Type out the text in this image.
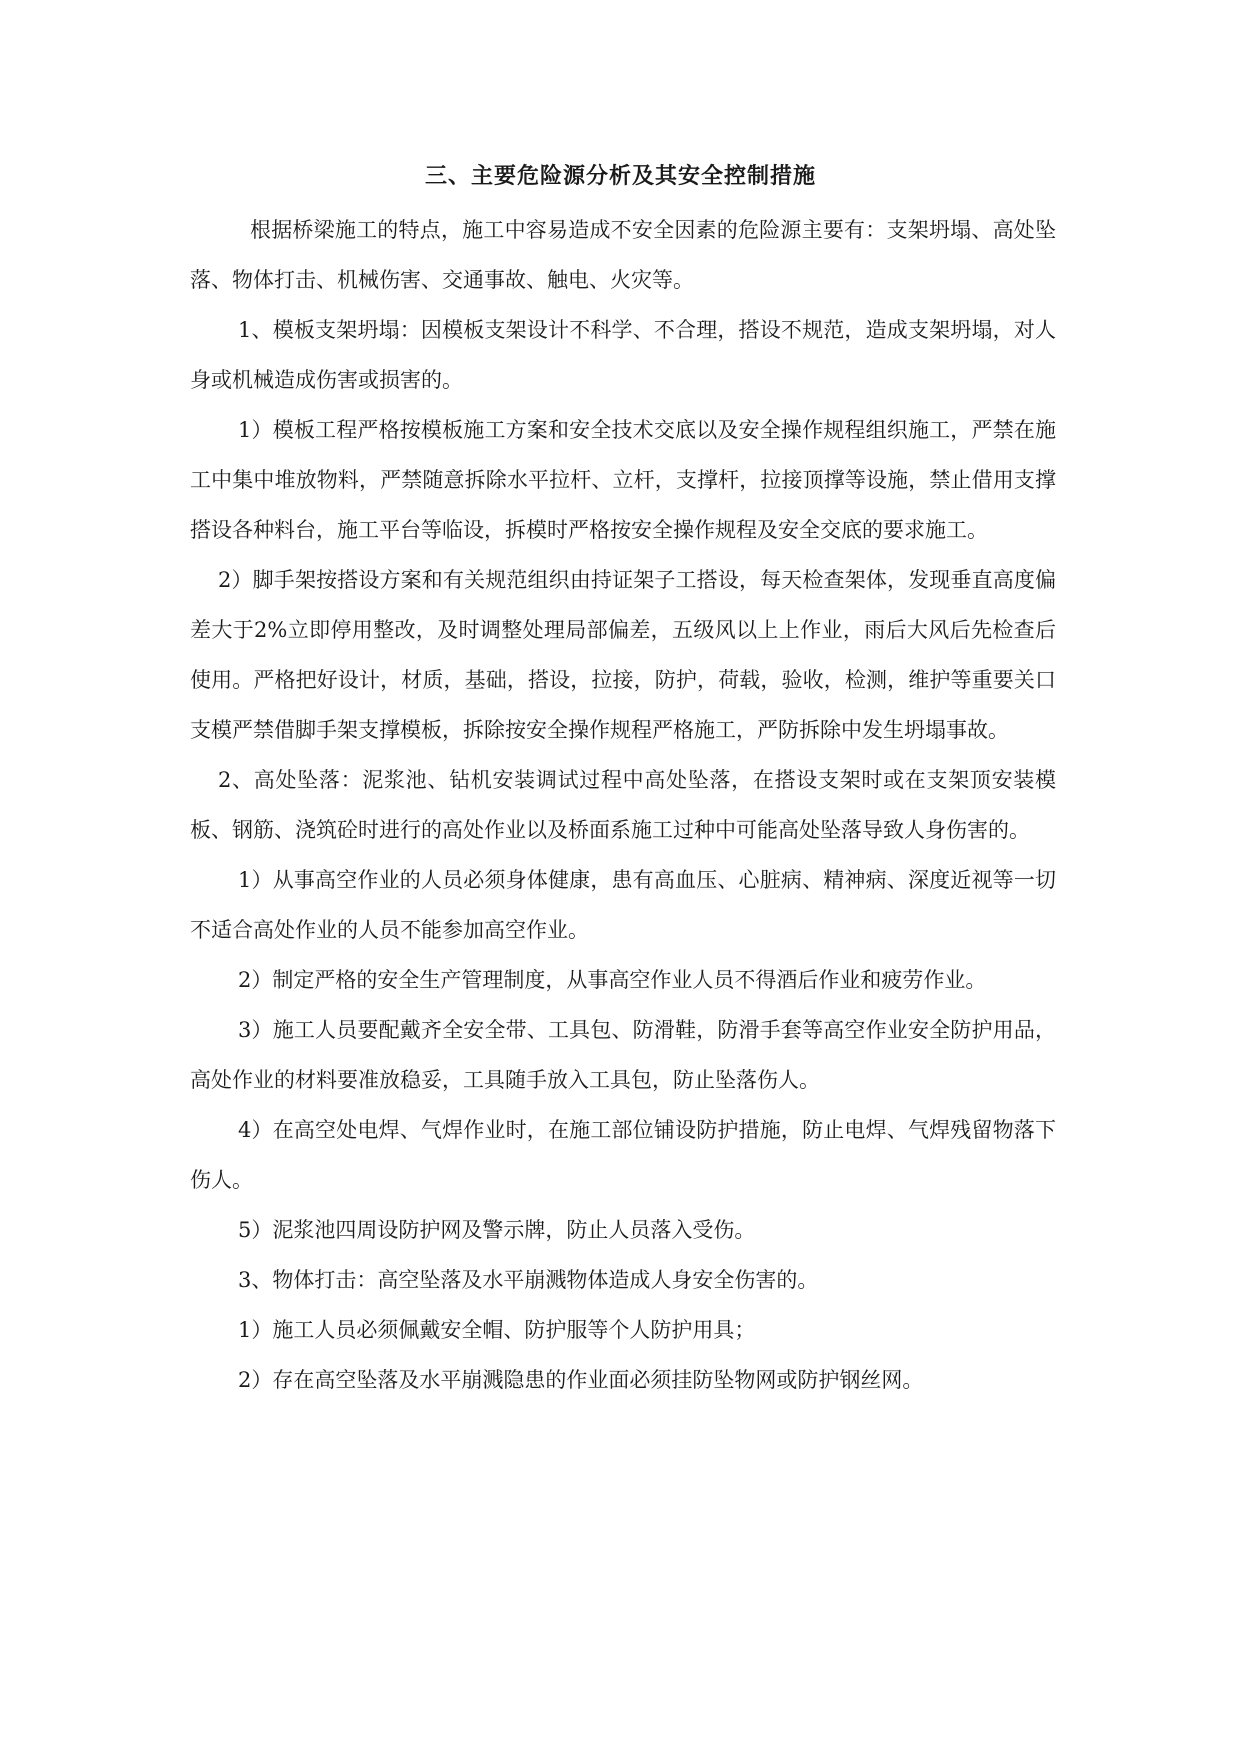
三、主要危险源分析及其安全控制措施

根据桥梁施工的特点，施工中容易造成不安全因素的危险源主要有：支架坍塌、高处坠落、物体打击、机械伤害、交通事故、触电、火灾等。

1、模板支架坍塌：因模板支架设计不科学、不合理，搭设不规范，造成支架坍塌，对人身或机械造成伤害或损害的。

1）模板工程严格按模板施工方案和安全技术交底以及安全操作规程组织施工，严禁在施工中集中堆放物料，严禁随意拆除水平拉杆、立杆，支撑杆，拉接顶撑等设施，禁止借用支撑搭设各种料台，施工平台等临设，拆模时严格按安全操作规程及安全交底的要求施工。

2）脚手架按搭设方案和有关规范组织由持证架子工搭设，每天检查架体，发现垂直高度偏差大于2%立即停用整改，及时调整处理局部偏差，五级风以上上作业，雨后大风后先检查后使用。严格把好设计，材质，基础，搭设，拉接，防护，荷载，验收，检测，维护等重要关口支模严禁借脚手架支撑模板，拆除按安全操作规程严格施工，严防拆除中发生坍塌事故。

2、高处坠落：泥浆池、钻机安装调试过程中高处坠落，在搭设支架时或在支架顶安装模板、钢筋、浇筑砼时进行的高处作业以及桥面系施工过种中可能高处坠落导致人身伤害的。

1）从事高空作业的人员必须身体健康，患有高血压、心脏病、精神病、深度近视等一切不适合高处作业的人员不能参加高空作业。

2）制定严格的安全生产管理制度，从事高空作业人员不得酒后作业和疲劳作业。

3）施工人员要配戴齐全安全带、工具包、防滑鞋，防滑手套等高空作业安全防护用品，高处作业的材料要准放稳妥，工具随手放入工具包，防止坠落伤人。

4）在高空处电焊、气焊作业时，在施工部位铺设防护措施，防止电焊、气焊残留物落下伤人。

5）泥浆池四周设防护网及警示牌，防止人员落入受伤。

3、物体打击：高空坠落及水平崩溅物体造成人身安全伤害的。

1）施工人员必须佩戴安全帽、防护服等个人防护用具；

2）存在高空坠落及水平崩溅隐患的作业面必须挂防坠物网或防护钢丝网。
